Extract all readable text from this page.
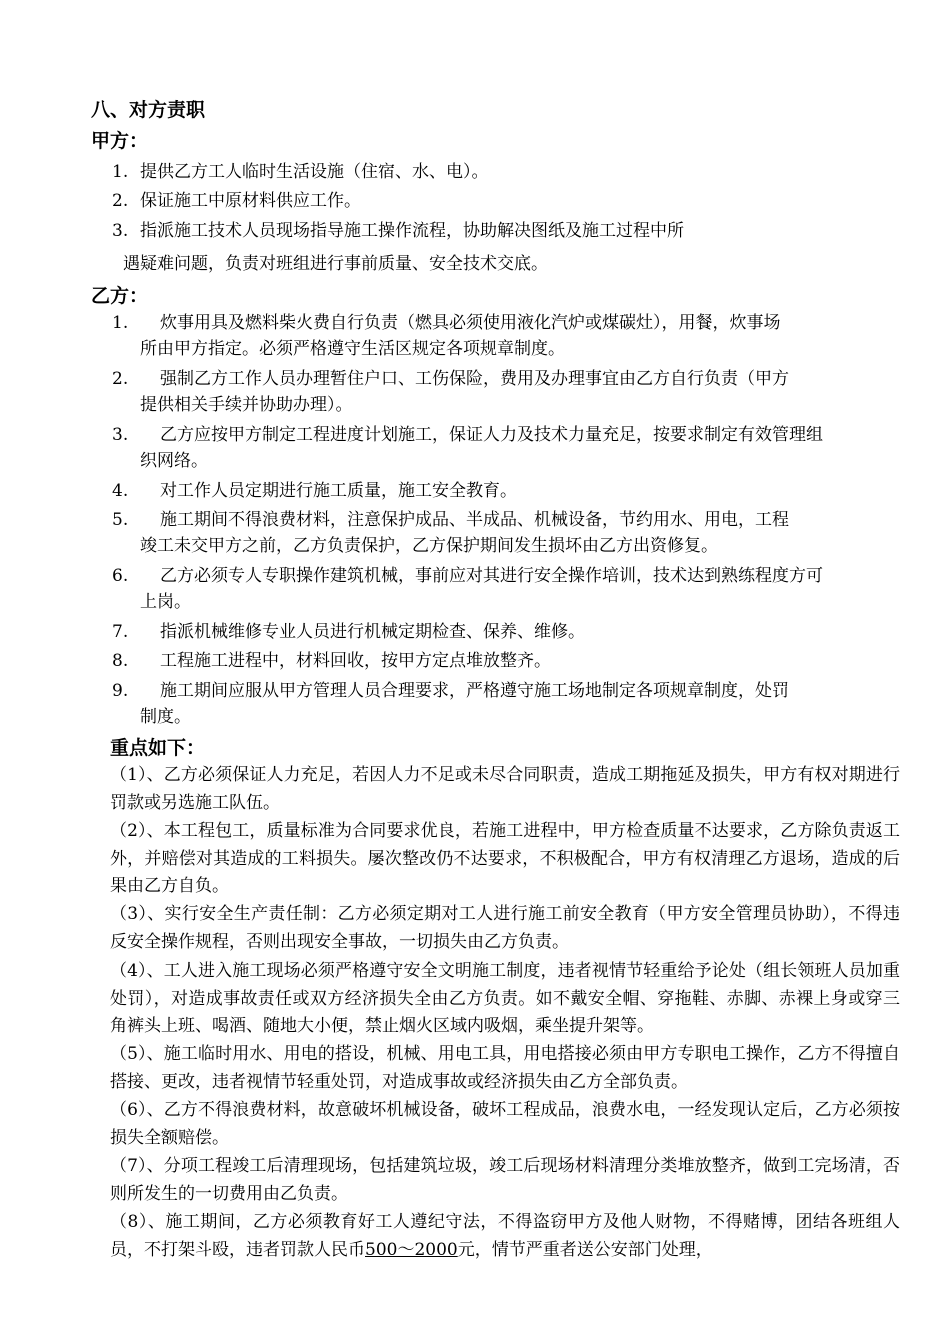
八、对方责职
甲方：
1. 提供乙方工人临时生活设施（住宿、水、电）。
2. 保证施工中原材料供应工作。
3. 指派施工技术人员现场指导施工操作流程，协助解决图纸及施工过程中所
遇疑难问题，负责对班组进行事前质量、安全技术交底。
乙方：
1. 炊事用具及燃料柴火费自行负责（燃具必须使用液化汽炉或煤碳灶），用餐，炊事场
所由甲方指定。必须严格遵守生活区规定各项规章制度。
2. 强制乙方工作人员办理暂住户口、工伤保险，费用及办理事宜由乙方自行负责（甲方
提供相关手续并协助办理）。
3. 乙方应按甲方制定工程进度计划施工，保证人力及技术力量充足，按要求制定有效管理组
织网络。
4. 对工作人员定期进行施工质量，施工安全教育。
5. 施工期间不得浪费材料，注意保护成品、半成品、机械设备，节约用水、用电，工程
竣工未交甲方之前，乙方负责保护，乙方保护期间发生损坏由乙方出资修复。
6. 乙方必须专人专职操作建筑机械，事前应对其进行安全操作培训，技术达到熟练程度方可
上岗。
7. 指派机械维修专业人员进行机械定期检查、保养、维修。
8. 工程施工进程中，材料回收，按甲方定点堆放整齐。
9. 施工期间应服从甲方管理人员合理要求，严格遵守施工场地制定各项规章制度，处罚
制度。
重点如下：
（1）、乙方必须保证人力充足，若因人力不足或未尽合同职责，造成工期拖延及损失，甲方有权对期进行罚款或另选施工队伍。
（2）、本工程包工，质量标准为合同要求优良，若施工进程中，甲方检查质量不达要求，乙方除负责返工外，并赔偿对其造成的工料损失。屡次整改仍不达要求，不积极配合，甲方有权清理乙方退场，造成的后果由乙方自负。
（3）、实行安全生产责任制：乙方必须定期对工人进行施工前安全教育（甲方安全管理员协助），不得违反安全操作规程，否则出现安全事故，一切损失由乙方负责。
（4）、工人进入施工现场必须严格遵守安全文明施工制度，违者视情节轻重给予论处（组长领班人员加重处罚），对造成事故责任或双方经济损失全由乙方负责。如不戴安全帽、穿拖鞋、赤脚、赤裸上身或穿三角裤头上班、喝酒、随地大小便，禁止烟火区域内吸烟，乘坐提升架等。
（5）、施工临时用水、用电的搭设，机械、用电工具，用电搭接必须由甲方专职电工操作，乙方不得擅自搭接、更改，违者视情节轻重处罚，对造成事故或经济损失由乙方全部负责。
（6）、乙方不得浪费材料，故意破坏机械设备，破坏工程成品，浪费水电，一经发现认定后，乙方必须按损失全额赔偿。
（7）、分项工程竣工后清理现场，包括建筑垃圾，竣工后现场材料清理分类堆放整齐，做到工完场清，否则所发生的一切费用由乙负责。
（8）、施工期间，乙方必须教育好工人遵纪守法，不得盗窃甲方及他人财物，不得赌博，团结各班组人员，不打架斗殴，违者罚款人民币500～2000元，情节严重者送公安部门处理，
